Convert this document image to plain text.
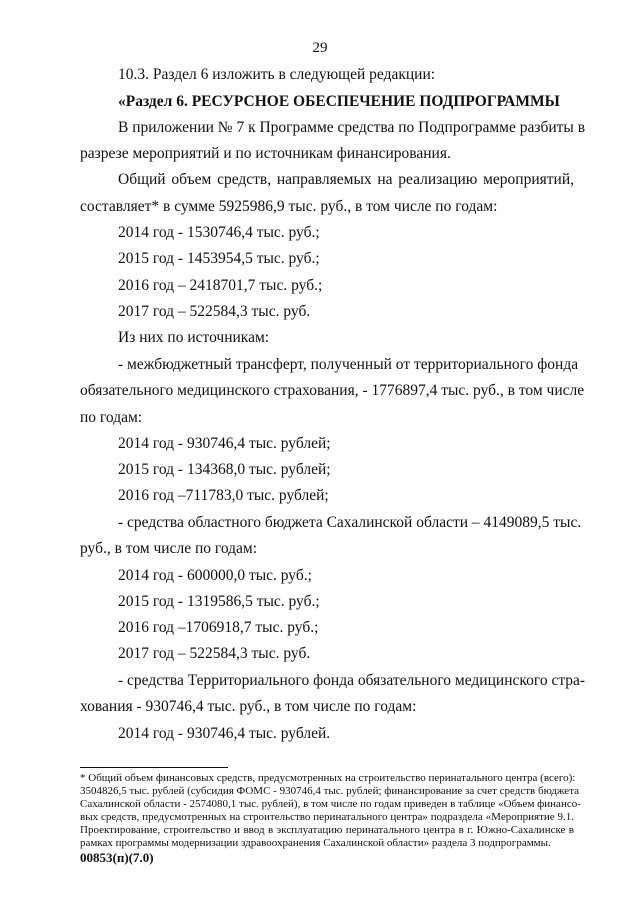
29
10.3. Раздел 6 изложить в следующей редакции:
«Раздел 6. РЕСУРСНОЕ ОБЕСПЕЧЕНИЕ ПОДПРОГРАММЫ
В приложении № 7 к Программе средства по Подпрограмме разбиты в
разрезе мероприятий и по источникам финансирования.
Общий объем средств, направляемых на реализацию мероприятий,
составляет* в сумме 5925986,9 тыс. руб., в том числе по годам:
2014 год - 1530746,4 тыс. руб.;
2015 год - 1453954,5 тыс. руб.;
2016 год – 2418701,7 тыс. руб.;
2017 год – 522584,3 тыс. руб.
Из них по источникам:
- межбюджетный трансферт, полученный от территориального фонда
обязательного медицинского страхования, - 1776897,4 тыс. руб., в том числе
по годам:
2014 год - 930746,4 тыс. рублей;
2015 год - 134368,0 тыс. рублей;
2016 год –711783,0 тыс. рублей;
- средства областного бюджета Сахалинской области – 4149089,5 тыс.
руб., в том числе по годам:
2014 год - 600000,0 тыс. руб.;
2015 год - 1319586,5 тыс. руб.;
2016 год –1706918,7 тыс. руб.;
2017 год – 522584,3 тыс. руб.
- средства Территориального фонда обязательного медицинского стра-
хования - 930746,4 тыс. руб., в том числе по годам:
2014 год - 930746,4 тыс. рублей.
* Общий объем финансовых средств, предусмотренных на строительство перинатального центра (всего):
3504826,5 тыс. рублей (субсидия ФОМС - 930746,4 тыс. рублей; финансирование за счет средств бюджета
Сахалинской области - 2574080,1 тыс. рублей), в том числе по годам приведен в таблице «Объем финансо-
вых средств, предусмотренных на строительство перинатального центра» подраздела «Мероприятие 9.1.
Проектирование, строительство и ввод в эксплуатацию перинатального центра в г. Южно-Сахалинске в
рамках программы модернизации здравоохранения Сахалинской области» раздела 3 подпрограммы.
00853(п)(7.0)
